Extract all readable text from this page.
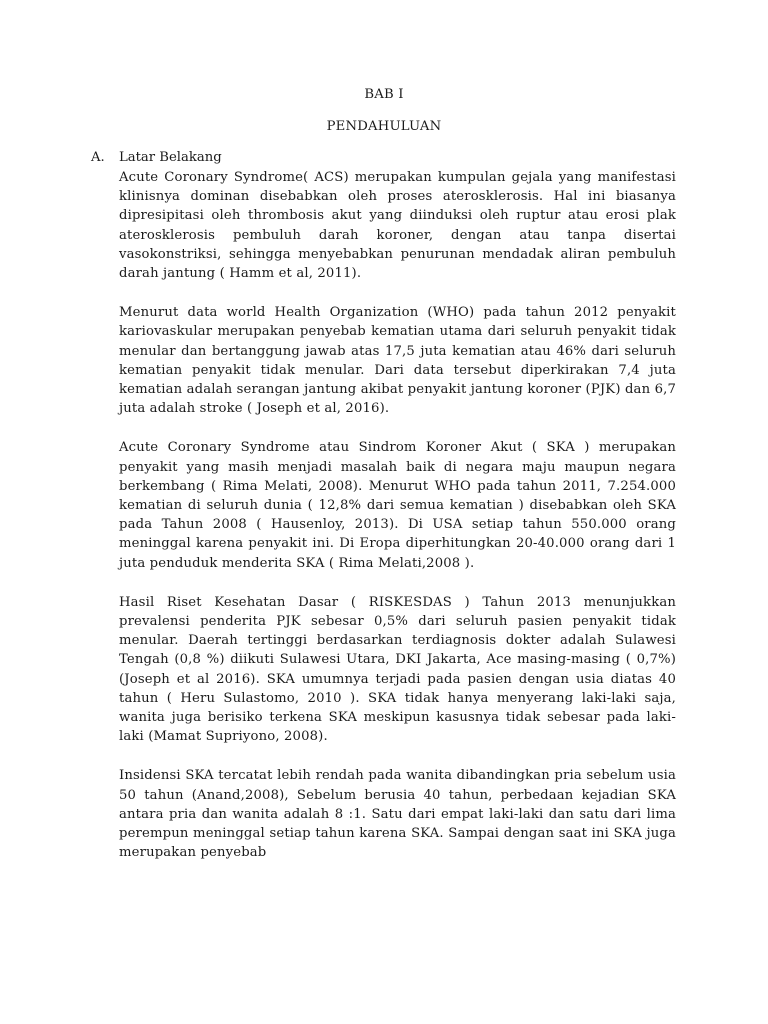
BAB I
PENDAHULUAN
A. Latar Belakang

Acute Coronary Syndrome( ACS) merupakan kumpulan gejala yang manifestasi klinisnya dominan disebabkan oleh proses aterosklerosis. Hal ini biasanya dipresipitasi oleh thrombosis akut yang diinduksi oleh ruptur atau erosi plak aterosklerosis pembuluh darah koroner, dengan atau tanpa disertai vasokonstriksi, sehingga menyebabkan penurunan mendadak aliran pembuluh darah jantung ( Hamm et al, 2011).

Menurut data world Health Organization (WHO) pada tahun 2012 penyakit kariovaskular merupakan penyebab kematian utama dari seluruh penyakit tidak menular dan bertanggung jawab atas 17,5 juta kematian atau 46% dari seluruh kematian penyakit tidak menular. Dari data tersebut diperkirakan 7,4 juta kematian adalah serangan jantung akibat penyakit jantung koroner (PJK) dan 6,7 juta adalah stroke ( Joseph et al, 2016).

Acute Coronary Syndrome atau Sindrom Koroner Akut ( SKA ) merupakan penyakit yang masih menjadi masalah baik di negara maju maupun negara berkembang ( Rima Melati, 2008). Menurut WHO pada tahun 2011, 7.254.000 kematian di seluruh dunia ( 12,8% dari semua kematian ) disebabkan oleh SKA pada Tahun 2008 ( Hausenloy, 2013). Di USA setiap tahun 550.000 orang meninggal karena penyakit ini. Di Eropa diperhitungkan 20-40.000 orang dari 1 juta penduduk menderita SKA ( Rima Melati,2008 ).

Hasil Riset Kesehatan Dasar ( RISKESDAS ) Tahun 2013 menunjukkan prevalensi penderita PJK sebesar 0,5% dari seluruh pasien penyakit tidak menular. Daerah tertinggi berdasarkan terdiagnosis dokter adalah Sulawesi Tengah (0,8 %) diikuti Sulawesi Utara, DKI Jakarta, Ace masing-masing ( 0,7%) (Joseph et al 2016). SKA umumnya terjadi pada pasien dengan usia diatas 40 tahun ( Heru Sulastomo, 2010 ). SKA tidak hanya menyerang laki-laki saja, wanita juga berisiko terkena SKA meskipun kasusnya tidak sebesar pada laki-laki (Mamat Supriyono, 2008).

Insidensi SKA tercatat lebih rendah pada wanita dibandingkan pria sebelum usia 50 tahun (Anand,2008), Sebelum berusia 40 tahun, perbedaan kejadian SKA antara pria dan wanita adalah 8 :1. Satu dari empat laki-laki dan satu dari lima perempun meninggal setiap tahun karena SKA. Sampai dengan saat ini SKA juga merupakan penyebab
